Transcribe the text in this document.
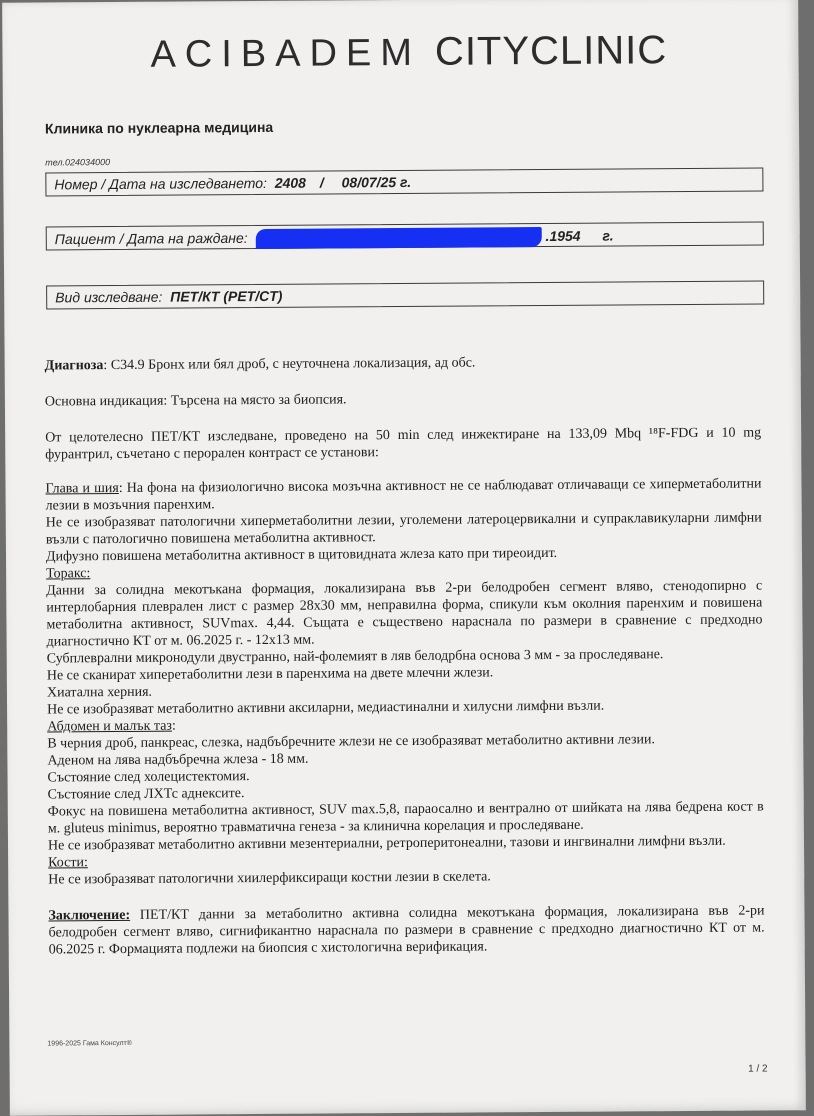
ACIBADEM CITYCLINIC
Клиника по нуклеарна медицина
тел.024034000
Номер / Дата на изследването: 2408 / 08/07/25 г.
Пациент / Дата на раждане:	.1954 г.
Вид изследване: ПЕТ/КТ (PET/CT)

Диагноза: С34.9 Бронх или бял дроб, с неуточнена локализация, ад обс.

Основна индикация: Търсена на място за биопсия.

От целотелесно ПЕТ/КТ изследване, проведено на 50 min след инжектиране на 133,09 Mbq ¹⁸F-FDG и 10 mg фурантрил, съчетано с перорален контраст се установи:

Глава и шия: На фона на физиологично висока мозъчна активност не се наблюдават отличаващи се хиперметаболитни лезии в мозъчния паренхим.

Не се изобразяват патологични хиперметаболитни лезии, уголемени латероцервикални и супраклавикуларни лимфни възли с патологично повишена метаболитна активност.

Дифузно повишена метаболитна активност в щитовидната жлеза като при тиреоидит.

Торакс:

Данни за солидна мекотъканa формация, локализирана във 2-ри белодробен сегмент вляво, стенодопирно с интерлобарния плеврален лист с размер 28х30 мм, неправилна форма, спикули към околния паренхим и повишена метаболитна активност, SUVmax. 4,44. Същата е съществено нараснала по размери в сравнение с предходно диагностично КТ от м. 06.2025 г. - 12х13 мм.

Субплеврални микронодули двустранно, най-фолемият в ляв белодрбна основа 3 мм - за проследяване.

Не се сканират хиперетаболитни лези в паренхима на двете млечни жлези.

Хиатална херния.

Не се изобразяват метаболитно активни аксиларни, медиастинални и хилусни лимфни възли.

Абдомен и малък таз:

В черния дроб, панкреас, слезка, надбъбречните жлези не се изобразяват метаболитно активни лезии.

Аденом на лява надбъбречна жлеза - 18 мм.

Състояние след холецистектомия.

Състояние след ЛХТс аднексите.

Фокус на повишена метаболитна активност, SUV max.5,8, параосално и вентрално от шийката на лява бедрена кост в м. gluteus minimus, вероятно травматична генеза - за клинична корелация и проследяване.

Не се изобразяват метаболитно активни мезентериални, ретроперитонеални, тазови и ингвинални лимфни възли.

Кости:

Не се изобразяват патологични хиилерфиксиращи костни лезии в скелета.

Заключение: ПЕТ/КТ данни за метаболитно активна солидна мекотъканa формация, локализирана във 2-ри белодробен сегмент вляво, сигнификантно нараснала по размери в сравнение с предходно диагностично КТ от м. 06.2025 г. Формацията подлежи на биопсия с хистологична верификация.

1996-2025 Гама Консулт®
1 / 2
